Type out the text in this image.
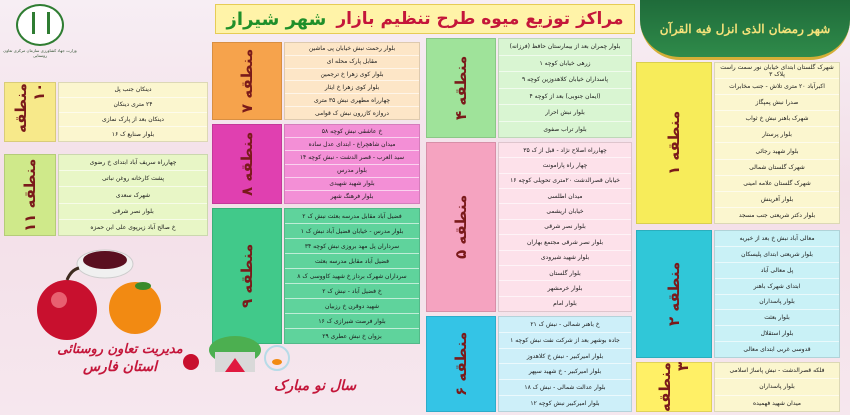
وزارت جهاد کشاورزی سازمان مرکزی تعاون روستایی
مراکز توزیع میوه طرح تنظیم بازار
شهر شیراز	شهر رمضان الذی انزل فیه القرآن
منطقه ۱
شهرک گلستان ابتدای خیابان نور سمت راست پلاک ۳
اکبرآباد ۲۰ متری تلاش - جنب مخابرات
صدرا نبش پمپگاز
شهرک باهنر نبش خ ثواب
بلوار پرستار
بلوار شهید رجائی
شهرک گلستان شمالی
شهرک گلستان علامه امینی
بلوار آفرینش
بلوار دکتر شریعتی جنب مسجد
منطقه ۲
معالی آباد نبش خ بعد از خیریه
بلوار شریعتی ابتدای پلیسکان
پل معالی آباد
ابتدای شهرک باهنر
بلوار پاسداران
بلوار بعثت
بلوار استقلال
قدوسی غربی ابتدای معالی
منطقه ۳	فلکه قصرالدشت - نبش پاساژ اسلامی
بلوار پاسداران
میدان شهید فهمیده
منطقه ۴
بلوار چمران بعد از بیمارستان حافظ (فرزانه)
زرهی خیابان کوچه ۱
پاسداران خیابان کلاهدوزین کوچه ۹
(ایمان جنوبی) بعد از کوچه ۴
بلوار نبش احرار
بلوار تراب صفوی
منطقه ۵
چهارراه اصلاح نژاد - قبل از ک ۳۵
چهار راه پارامونت
خیابان قصرالدشت ۲۰متری تحویلی کوچه ۱۶
میدان اطلسی
خیابان اریشمی
بلوار نصر شرقی
بلوار نصر شرقی مجتمع بهاران
بلوار شهید شیرودی
بلوار گلستان
بلوار خرمشهر
بلوار امام
منطقه ۶
خ باهنر شمالی - نبش ک ۲۱
جاده بوشهر بعد از شرکت نفت نبش کوچه ۱
بلوار امیرکبیر - نبش خ کلاهدوز
بلوار امیرکبیر - خ شهید سپهر
بلوار عدالت شمالی - نبش ک ۱۸
بلوار امیرکبیر نبش کوچه ۱۲
منطقه ۷	بلوار رحمت نبش خیابان پی ماشین
مقابل پارک محله ای
بلوار کوی زهرا خ ترجمین
بلوار کوی زهرا خ ایثار
چهارراه مطهری نبش ۳۵ متری
دروازه کازرون نبش ک قوامی
منطقه ۸
خ عاشقی نبش کوچه ۵۸
میدان شاهچراغ - ابتدای عدل ساده
سید العرب - قصر الدشت - نبش کوچه ۱۴
بلوار مدرس
بلوار شهید شهیدی
بلوار فرهنگ شهر
منطقه ۹
فضیل آباد مقابل مدرسه بعثت نبش ک ۲
بلوار مدرس - خیابان فضیل آباد نبش ک ۱
سرداران پل مهد بروزی نبش کوچه ۳۴
فضیل آباد مقابل مدرسه بعثت
سرداران شهرک برداز خ شهید کاووسی ک ۸
خ فضیل آباد - نبش ک ۲
شهید دوقرن خ رزبیان
بلوار فرصت شیرازی ک ۱۶
بزوان خ نبش عطری ۲۹
منطقه ۱۰	دینکان جنب پل
۲۴ متری دینکان
دینکان بعد از پارک نمازی
بلوار صنایع ک ۱۶
منطقه ۱۱	چهارراه سریف آباد ابتدای خ رضوی
پشت کارخانه روغن نباتی
شهرک سعدی
بلوار نصر شرقی
خ صالح آباد زیرپوی علی ابن حمزه
مدیریت تعاون روستائی
استان فارس
سال نو مبارک
